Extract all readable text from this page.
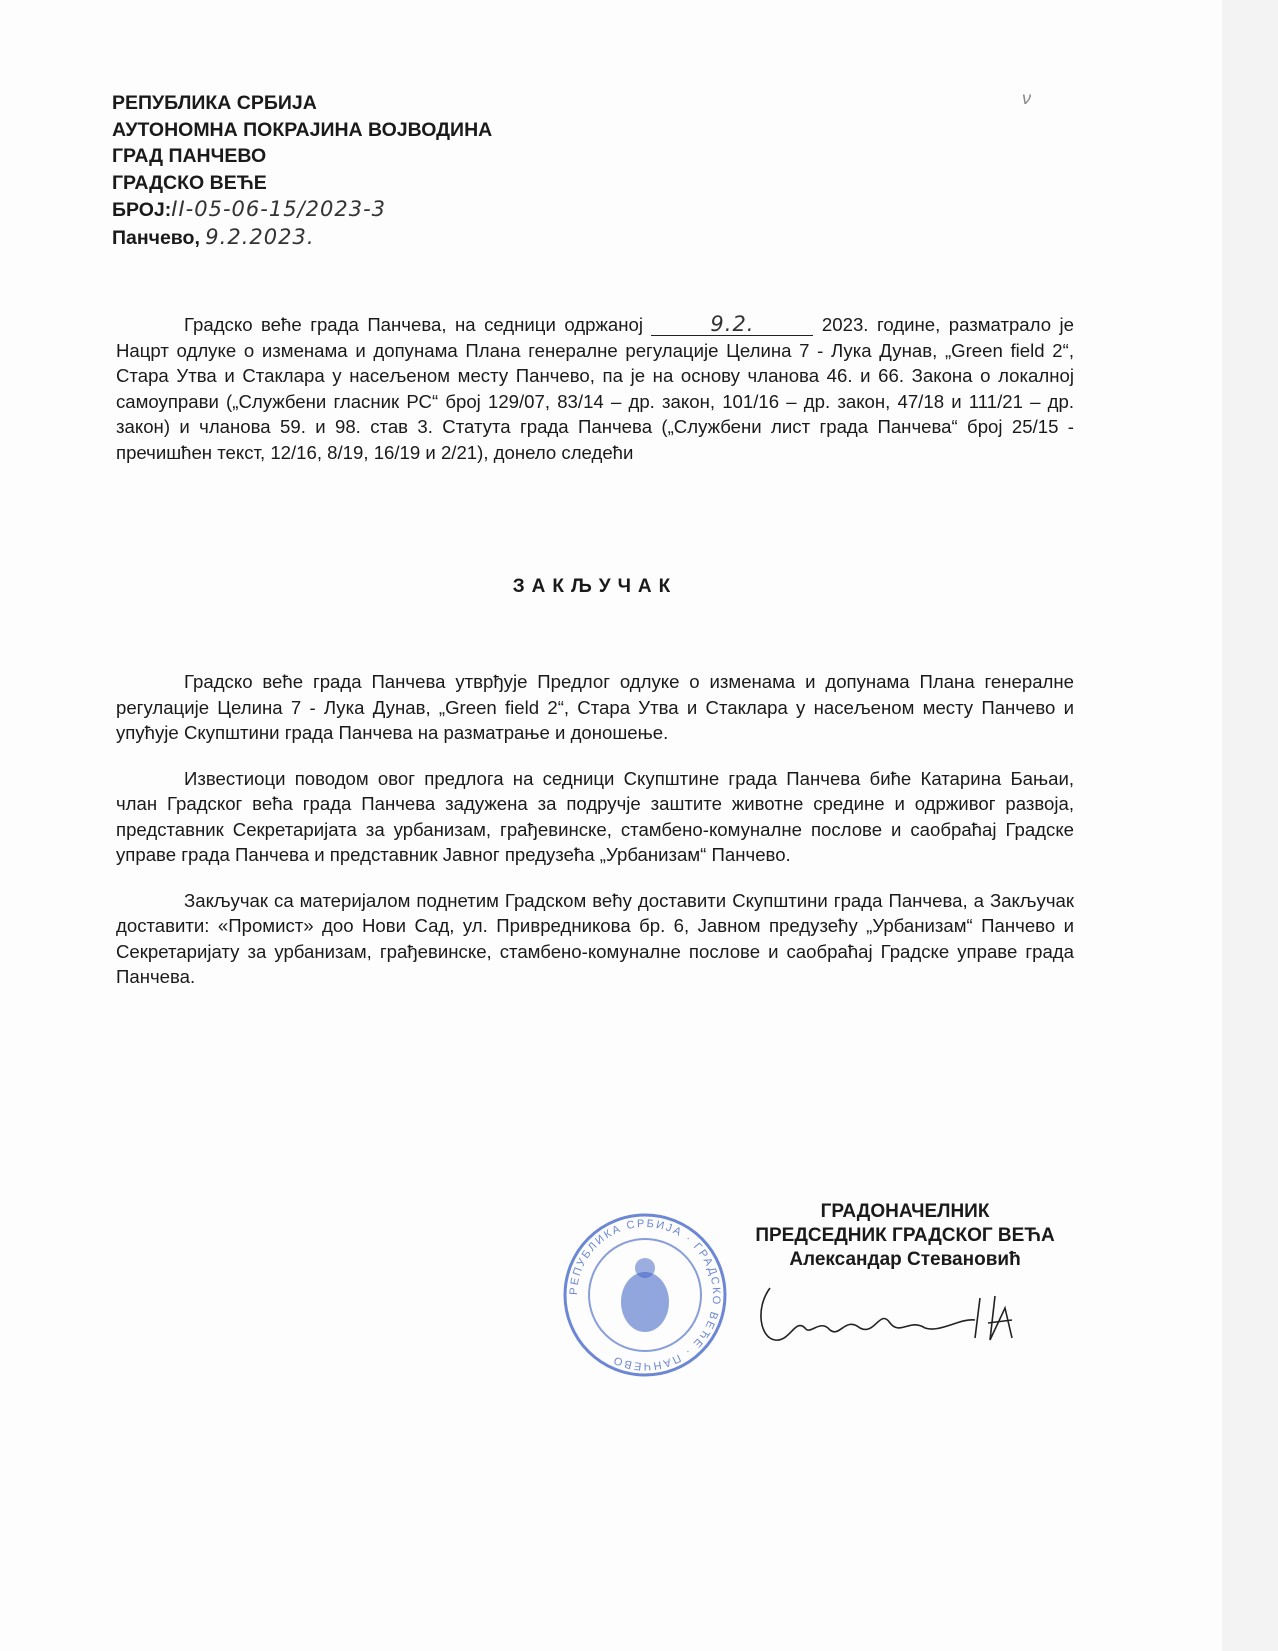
ν
РЕПУБЛИКА СРБИЈА
АУТОНОМНА ПОКРАЈИНА ВОЈВОДИНА
ГРАД ПАНЧЕВО
ГРАДСКО ВЕЋЕ
БРОЈ:II-05-06-15/2023-3
Панчево, 9.2.2023.

Градско веће града Панчева, на седници одржаној	9.2.	2023. године, разматрало је Нацрт одлуке о изменама и допунама Плана генералне регулације Целина 7 - Лука Дунав, „Green field 2“, Стара Утва и Стаклара у насељеном месту Панчево, па је на основу чланова 46. и 66. Закона о локалној самоуправи („Службени гласник РС“ број 129/07, 83/14 – др. закон, 101/16 – др. закон, 47/18 и 111/21 – др. закон) и чланова 59. и 98. став 3. Статута града Панчева („Службени лист града Панчева“ број 25/15 - пречишћен текст, 12/16, 8/19, 16/19 и 2/21), донело следећи

ЗАКЉУЧАК

Градско веће града Панчева утврђује Предлог одлуке о изменама и допунама Плана генералне регулације Целина 7 - Лука Дунав, „Green field 2“, Стара Утва и Стаклара у насељеном месту Панчево и упућује Скупштини града Панчева на разматрање и доношење.

Известиоци поводом овог предлога на седници Скупштине града Панчева биће Катарина Бањаи, члан Градског већа града Панчева задужена за подручје заштите животне средине и одрживог развоја, представник Секретаријата за урбанизам, грађевинске, стамбено-комуналне послове и саобраћај Градске управе града Панчева и представник Јавног предузећа „Урбанизам“ Панчево.

Закључак са материјалом поднетим Градском већу доставити Скупштини града Панчева, а Закључак доставити: «Промист» доо Нови Сад, ул. Привредникова бр. 6, Јавном предузећу „Урбанизам“ Панчево и Секретаријату за урбанизам, грађевинске, стамбено-комуналне послове и саобраћај Градске управе града Панчева.

РЕПУБЛИКА СРБИЈА · ГРАДСКО ВЕЋЕ · ПАНЧЕВО
ГРАДОНАЧЕЛНИК
ПРЕДСЕДНИК ГРАДСКОГ ВЕЋА
Александар Стевановић
